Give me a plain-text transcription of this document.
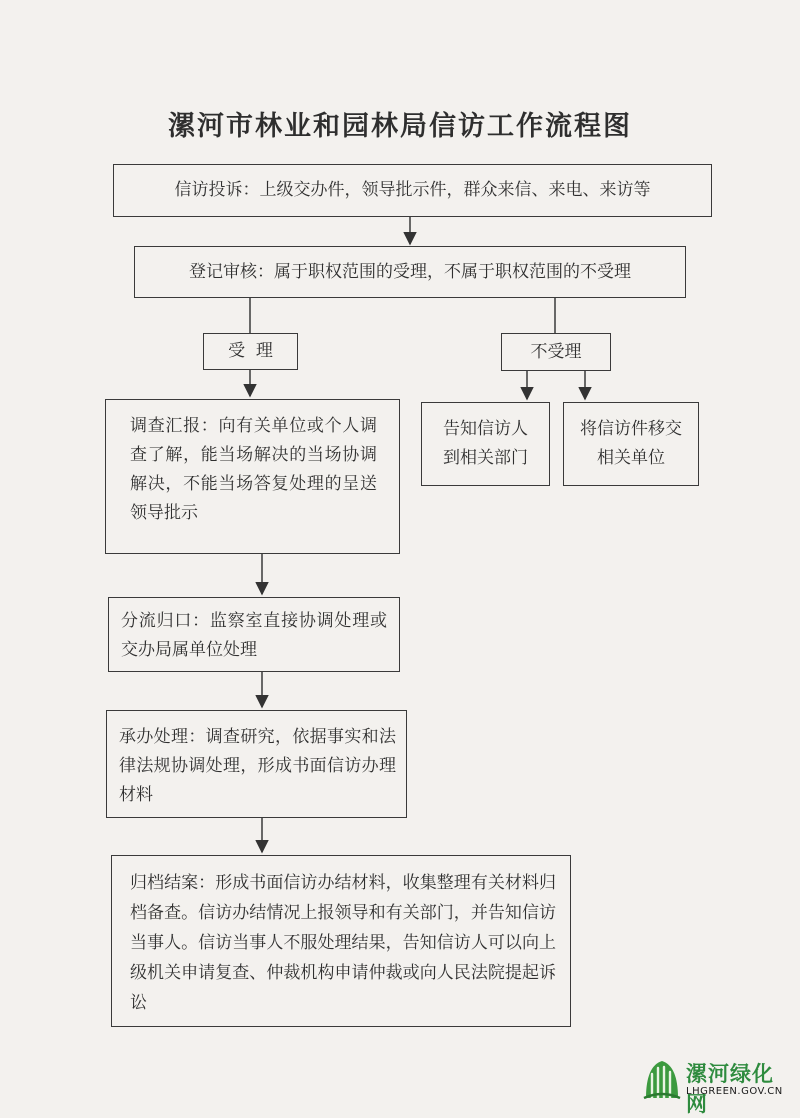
漯河市林业和园林局信访工作流程图
信访投诉：上级交办件，领导批示件，群众来信、来电、来访等
登记审核：属于职权范围的受理，不属于职权范围的不受理
受  理	不受理
调查汇报：向有关单位或个人调查了解，能当场解决的当场协调解决，不能当场答复处理的呈送领导批示
告知信访人到相关部门
将信访件移交相关单位
分流归口：监察室直接协调处理或交办局属单位处理
承办处理：调查研究，依据事实和法律法规协调处理，形成书面信访办理材料
归档结案：形成书面信访办结材料，收集整理有关材料归档备查。信访办结情况上报领导和有关部门，并告知信访当事人。信访当事人不服处理结果，告知信访人可以向上级机关申请复查、仲裁机构申请仲裁或向人民法院提起诉讼
漯河绿化网
LHGREEN.GOV.CN
